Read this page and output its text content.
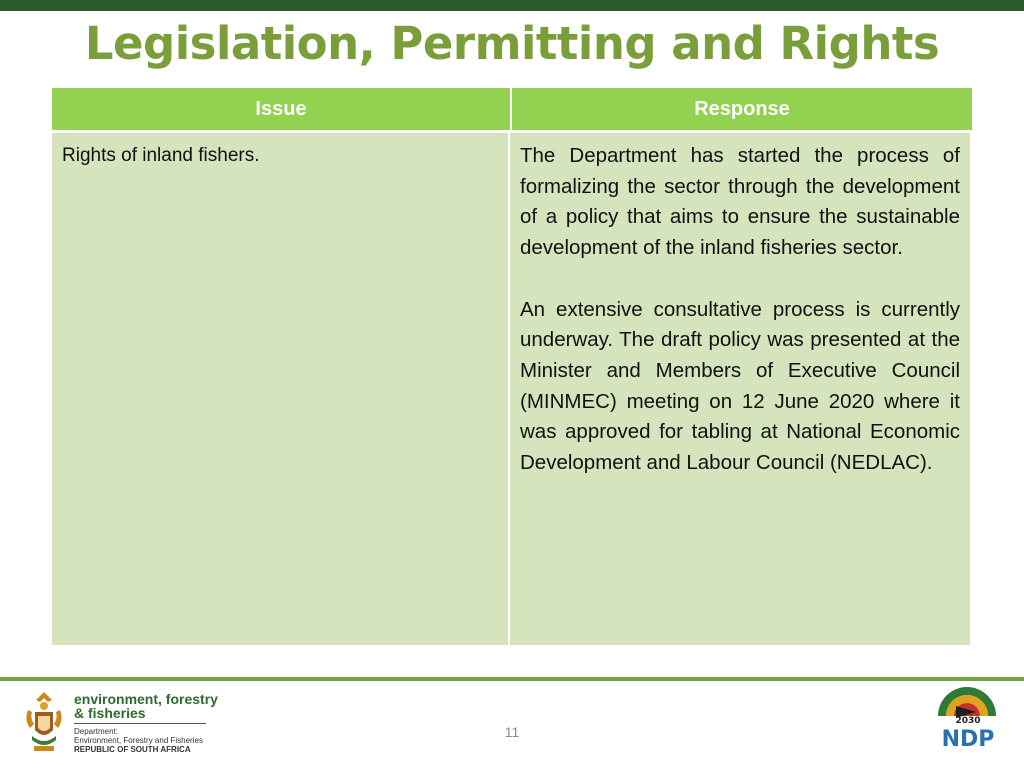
Legislation, Permitting and Rights
Issue	Response
Rights of inland fishers.	The Department has started the process of formalizing the sector through the development of a policy that aims to ensure the sustainable development of the inland fisheries sector.

An extensive consultative process is currently underway. The draft policy was presented at the Minister and Members of Executive Council (MINMEC) meeting on 12 June 2020 where it was approved for tabling at National Economic Development and Labour Council (NEDLAC).

environment, forestry
& fisheries
Department:
Environment, Forestry and Fisheries
REPUBLIC OF SOUTH AFRICA
11
2030
NDP
